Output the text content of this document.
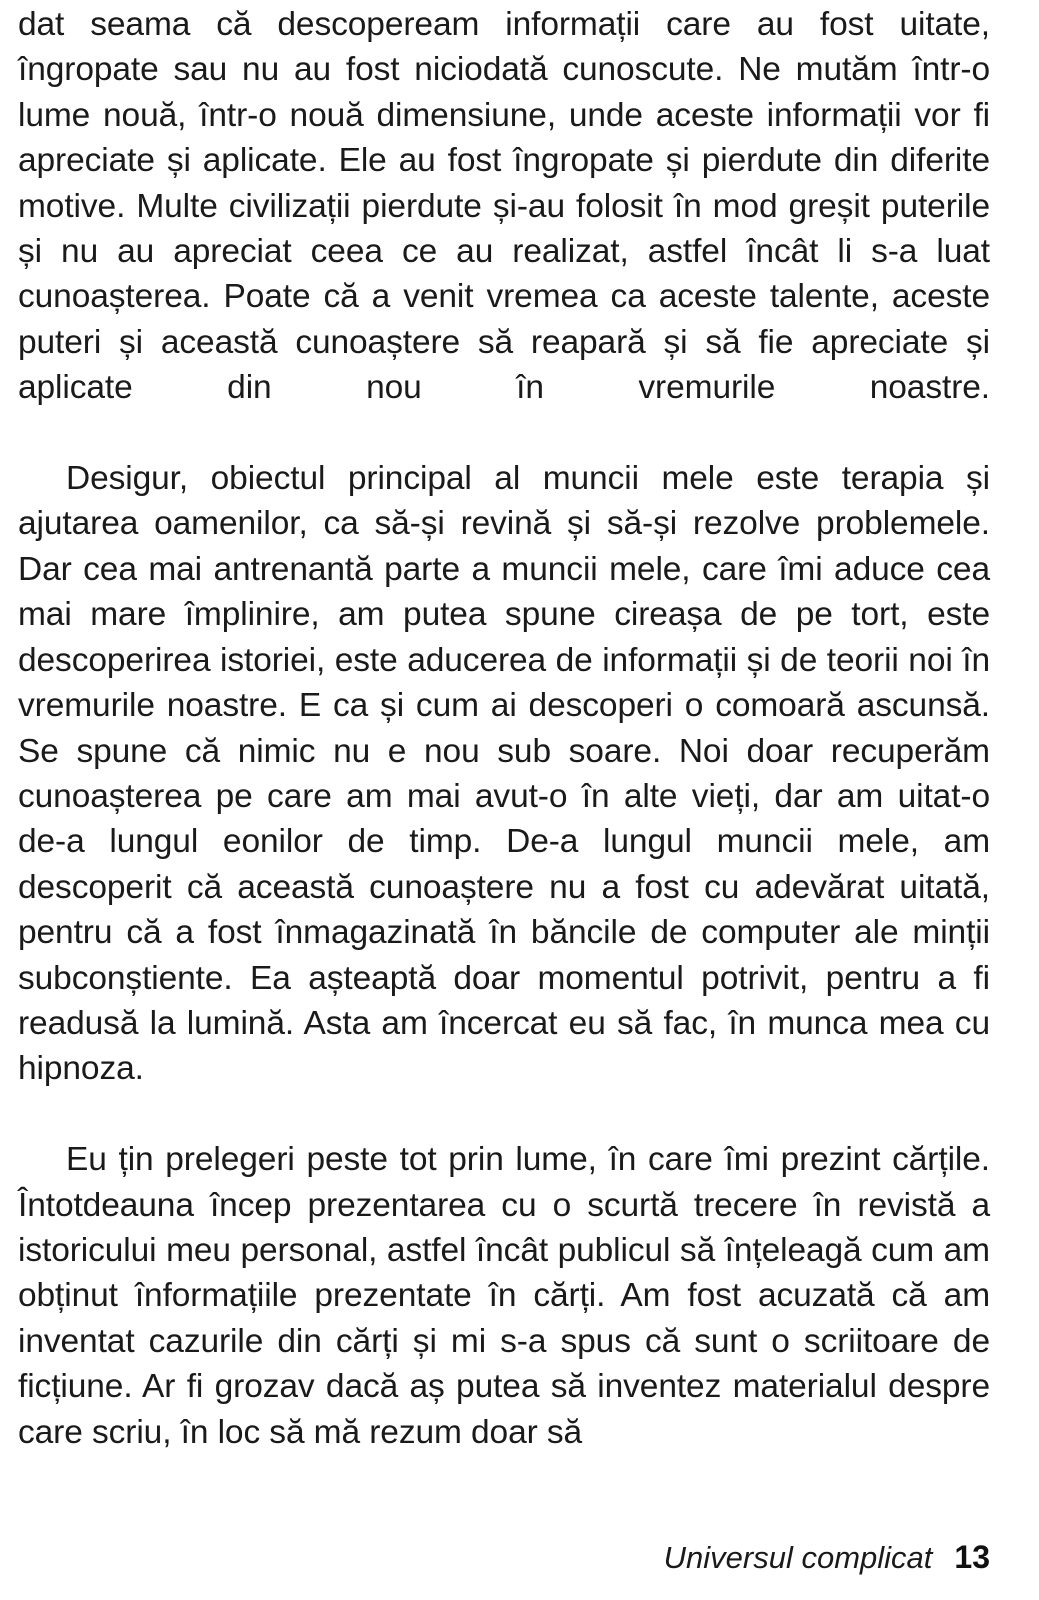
dat seama că descopeream informații care au fost uitate, îngropate sau nu au fost niciodată cunoscute. Ne mutăm într-o lume nouă, într-o nouă dimensiune, unde aceste informații vor fi apreciate și aplicate. Ele au fost îngropate și pierdute din diferite motive. Multe civilizații pierdute și-au folosit în mod greșit puterile și nu au apreciat ceea ce au realizat, astfel încât li s-a luat cunoașterea. Poate că a venit vremea ca aceste talente, aceste puteri și această cunoaștere să reapară și să fie apreciate și aplicate din nou în vremurile noastre.

Desigur, obiectul principal al muncii mele este terapia și ajutarea oamenilor, ca să-și revină și să-și rezolve problemele. Dar cea mai antrenantă parte a muncii mele, care îmi aduce cea mai mare împlinire, am putea spune cireașa de pe tort, este descoperirea istoriei, este aducerea de informații și de teorii noi în vremurile noastre. E ca și cum ai descoperi o comoară ascunsă. Se spune că nimic nu e nou sub soare. Noi doar recuperăm cunoașterea pe care am mai avut-o în alte vieți, dar am uitat-o de-a lungul eonilor de timp. De-a lungul muncii mele, am descoperit că această cunoaștere nu a fost cu adevărat uitată, pentru că a fost înmagazinată în băncile de computer ale minții subconștiente. Ea așteaptă doar momentul potrivit, pentru a fi readusă la lumină. Asta am încercat eu să fac, în munca mea cu hipnoza.

Eu țin prelegeri peste tot prin lume, în care îmi prezint cărțile. Întotdeauna încep prezentarea cu o scurtă trecere în revistă a istoricului meu personal, astfel încât publicul să înțeleagă cum am obținut înformațiile prezentate în cărți. Am fost acuzată că am inventat cazurile din cărți și mi s-a spus că sunt o scriitoare de ficțiune. Ar fi grozav dacă aș putea să inventez materialul despre care scriu, în loc să mă rezum doar să

Universul complicat 13
